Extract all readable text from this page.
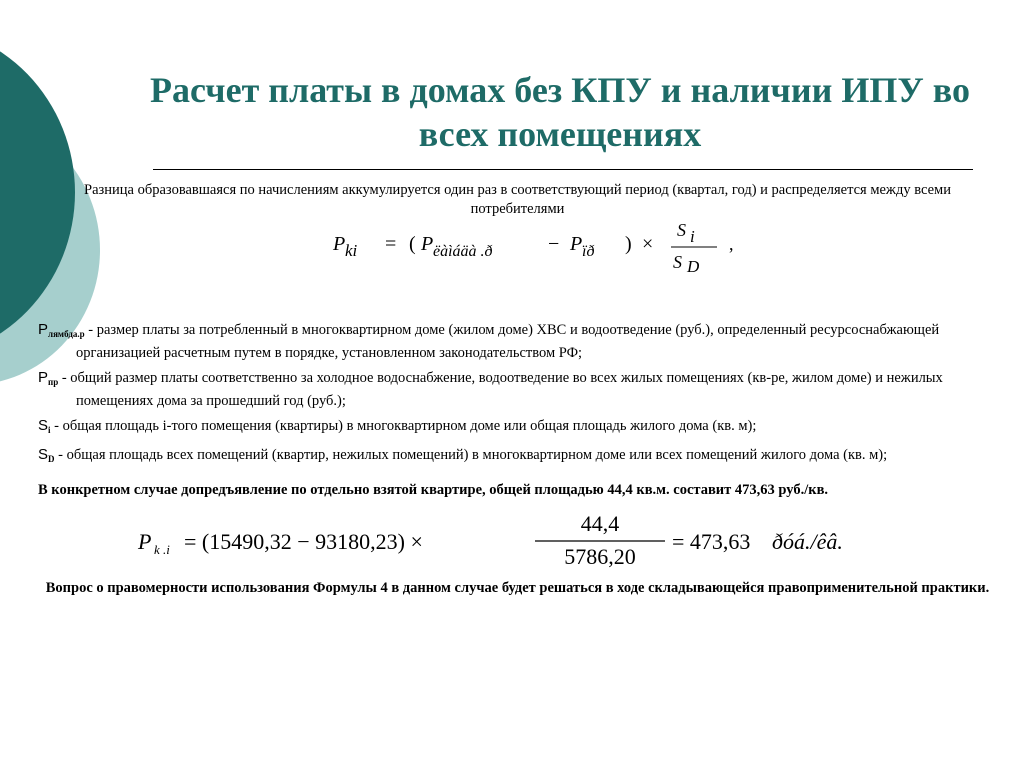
Расчет платы в домах без КПУ и наличии ИПУ во всех помещениях
Разница образовавшаяся по начислениям аккумулируется один раз в соответствующий период (квартал, год) и распределяется между всеми потребителями
P ki = ( P ëàìáäà .ð	− P ïð ) ×
S i
S D
,
$Р_{лямбда.р}$ - размер платы за потребленный в многоквартирном доме (жилом доме) ХВС и водоотведение (руб.), определенный ресурсоснабжающей организацией расчетным путем в порядке, установленном законодательством РФ;
$Р_{пр}$ - общий размер платы соответственно за холодное водоснабжение, водоотведение во всех жилых помещениях (кв-ре, жилом доме) и нежилых помещениях дома за прошедший год (руб.);
$S_i$ - общая площадь i-того помещения (квартиры) в многоквартирном доме или общая площадь жилого дома (кв. м);
$S_D$ - общая площадь всех помещений (квартир, нежилых помещений) в многоквартирном доме или всех помещений жилого дома (кв. м);
В конкретном случае допредъявление по отдельно взятой квартире, общей площадью 44,4 кв.м. составит 473,63 руб./кв.
P k .i = (15490,32 − 93180,23) ×
44,4
5786,20
= 473,63 ðóá./êâ.
Вопрос о правомерности использования Формулы 4 в данном случае будет решаться в ходе складывающейся правоприменительной практики.
